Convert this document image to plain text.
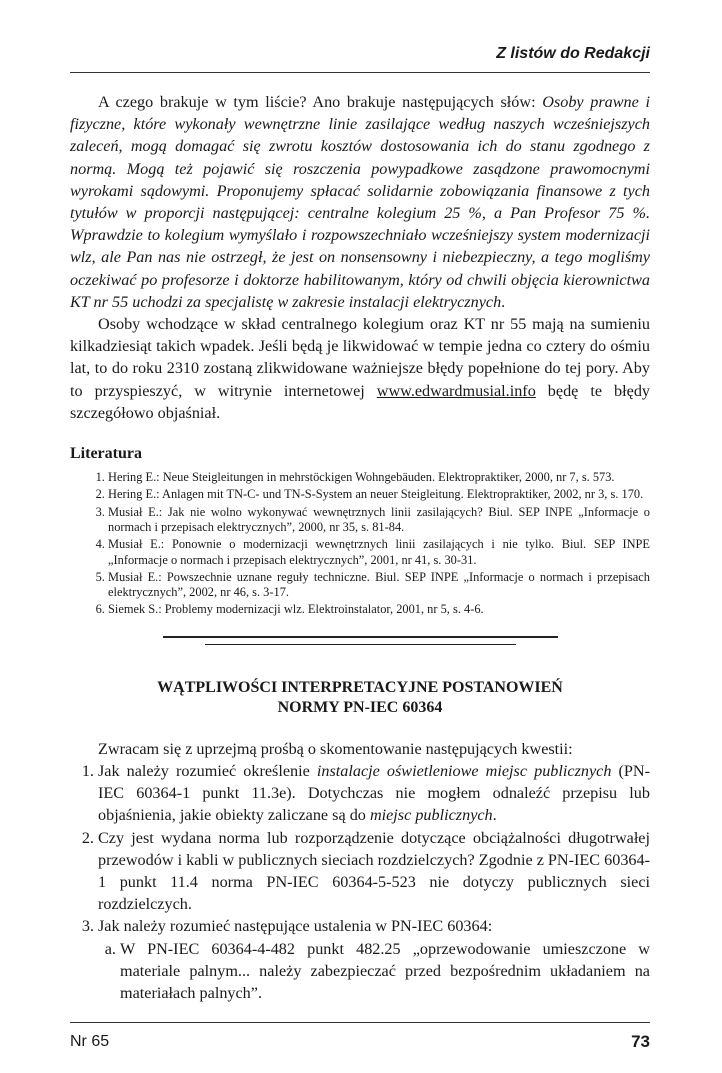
Z listów do Redakcji

A czego brakuje w tym liście? Ano brakuje następujących słów: Osoby prawne i fizyczne, które wykonały wewnętrzne linie zasilające według naszych wcześniejszych zaleceń, mogą domagać się zwrotu kosztów dostosowania ich do stanu zgodnego z normą. Mogą też pojawić się roszczenia powypadkowe zasądzone prawomocnymi wyrokami sądowymi. Proponujemy spłacać solidarnie zobowiązania finansowe z tych tytułów w proporcji następującej: centralne kolegium 25 %, a Pan Profesor 75 %. Wprawdzie to kolegium wymyślało i rozpowszechniało wcześniejszy system modernizacji wlz, ale Pan nas nie ostrzegł, że jest on nonsensowny i niebezpieczny, a tego mogliśmy oczekiwać po profesorze i doktorze habilitowanym, który od chwili objęcia kierownictwa KT nr 55 uchodzi za specjalistę w zakresie instalacji elektrycznych.

Osoby wchodzące w skład centralnego kolegium oraz KT nr 55 mają na sumieniu kilkadziesiąt takich wpadek. Jeśli będą je likwidować w tempie jedna co cztery do ośmiu lat, to do roku 2310 zostaną zlikwidowane ważniejsze błędy popełnione do tej pory. Aby to przyspieszyć, w witrynie internetowej www.edwardmusial.info będę te błędy szczegółowo objaśniał.

Literatura
1. Hering E.: Neue Steigleitungen in mehrstöckigen Wohngebäuden. Elektropraktiker, 2000, nr 7, s. 573.
2. Hering E.: Anlagen mit TN-C- und TN-S-System an neuer Steigleitung. Elektropraktiker, 2002, nr 3, s. 170.
3. Musiał E.: Jak nie wolno wykonywać wewnętrznych linii zasilających? Biul. SEP INPE „Informacje o normach i przepisach elektrycznych”, 2000, nr 35, s. 81-84.
4. Musiał E.: Ponownie o modernizacji wewnętrznych linii zasilających i nie tylko. Biul. SEP INPE „Informacje o normach i przepisach elektrycznych”, 2001, nr 41, s. 30-31.
5. Musiał E.: Powszechnie uznane reguły techniczne. Biul. SEP INPE „Informacje o normach i przepisach elektrycznych”, 2002, nr 46, s. 3-17.
6. Siemek S.: Problemy modernizacji wlz. Elektroinstalator, 2001, nr 5, s. 4-6.
WĄTPLIWOŚCI INTERPRETACYJNE POSTANOWIEŃ
NORMY PN-IEC 60364
Zwracam się z uprzejmą prośbą o skomentowanie następujących kwestii:
1. Jak należy rozumieć określenie instalacje oświetleniowe miejsc publicznych (PN-IEC 60364-1 punkt 11.3e). Dotychczas nie mogłem odnaleźć przepisu lub objaśnienia, jakie obiekty zaliczane są do miejsc publicznych.
2. Czy jest wydana norma lub rozporządzenie dotyczące obciążalności długotrwałej przewodów i kabli w publicznych sieciach rozdzielczych? Zgodnie z PN-IEC 60364-1 punkt 11.4 norma PN-IEC 60364-5-523 nie dotyczy publicznych sieci rozdzielczych.
3. Jak należy rozumieć następujące ustalenia w PN-IEC 60364:
a. W PN-IEC 60364-4-482 punkt 482.25 „oprzewodowanie umieszczone w materiale palnym... należy zabezpieczać przed bezpośrednim układaniem na materiałach palnych”.
Nr 65	73
